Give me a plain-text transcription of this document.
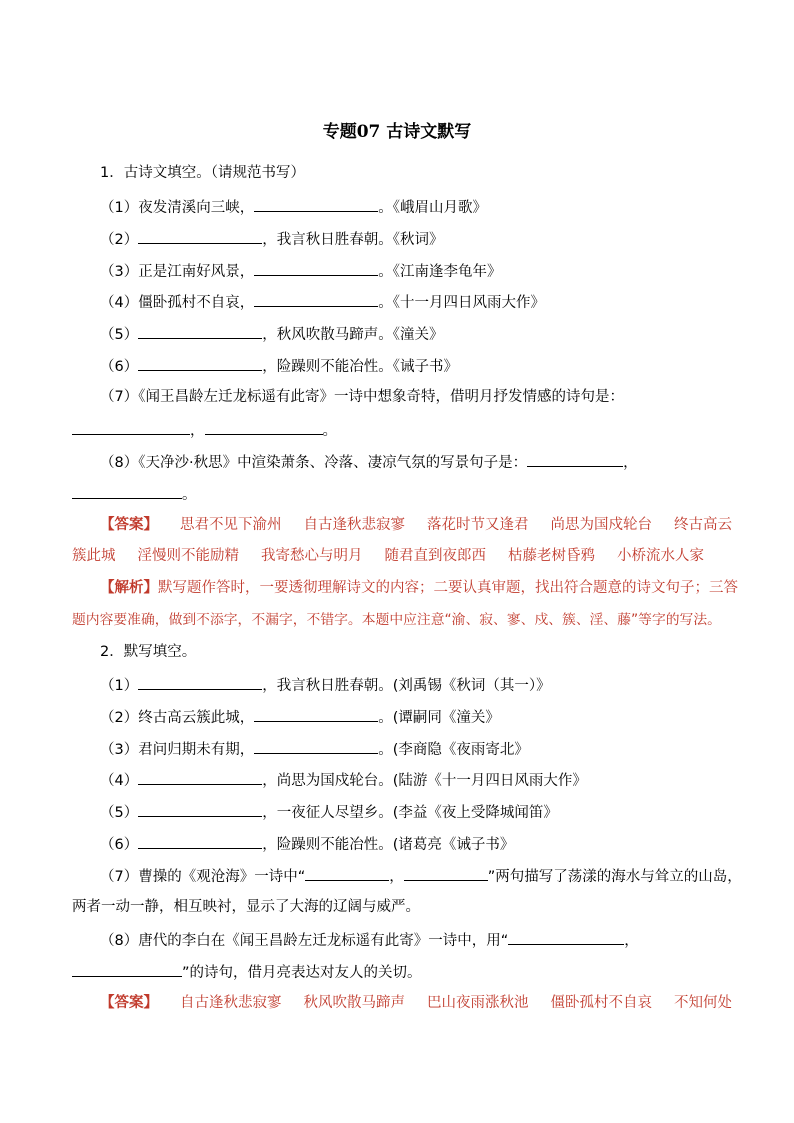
专题07 古诗文默写
1．古诗文填空。（请规范书写）
（1）夜发清溪向三峡，	。《峨眉山月歌》
（2）	，我言秋日胜春朝。《秋词》
（3）正是江南好风景，	。《江南逢李龟年》
（4）僵卧孤村不自哀，	。《十一月四日风雨大作》
（5）	，秋风吹散马蹄声。《潼关》
（6）	，险躁则不能冶性。《诫子书》
（7）《闻王昌龄左迁龙标遥有此寄》一诗中想象奇特，借明月抒发情感的诗句是：
，	。
（8）《天净沙·秋思》中渲染萧条、冷落、凄凉气氛的写景句子是：	，
。
【答案】 思君不见下渝州 自古逢秋悲寂寥 落花时节又逢君 尚思为国戍轮台 终古高云
簇此城 淫慢则不能励精 我寄愁心与明月 随君直到夜郎西 枯藤老树昏鸦 小桥流水人家
【解析】默写题作答时，一要透彻理解诗文的内容；二要认真审题，找出符合题意的诗文句子；三答
题内容要准确，做到不添字，不漏字，不错字。本题中应注意“渝、寂、寥、戍、簇、淫、藤”等字的写法。
2．默写填空。
（1）	，我言秋日胜春朝。(刘禹锡《秋词（其一）》
（2）终古高云簇此城，	。(谭嗣同《潼关》
（3）君问归期未有期，	。(李商隐《夜雨寄北》
（4）	，尚思为国戍轮台。(陆游《十一月四日风雨大作》
（5）	，一夜征人尽望乡。(李益《夜上受降城闻笛》
（6）	，险躁则不能冶性。(诸葛亮《诫子书》
（7）曹操的《观沧海》一诗中“	，	”两句描写了荡漾的海水与耸立的山岛，
两者一动一静，相互映衬，显示了大海的辽阔与威严。
（8）唐代的李白在《闻王昌龄左迁龙标遥有此寄》一诗中，用“	，
”的诗句，借月亮表达对友人的关切。
【答案】 自古逢秋悲寂寥 秋风吹散马蹄声 巴山夜雨涨秋池 僵卧孤村不自哀 不知何处
